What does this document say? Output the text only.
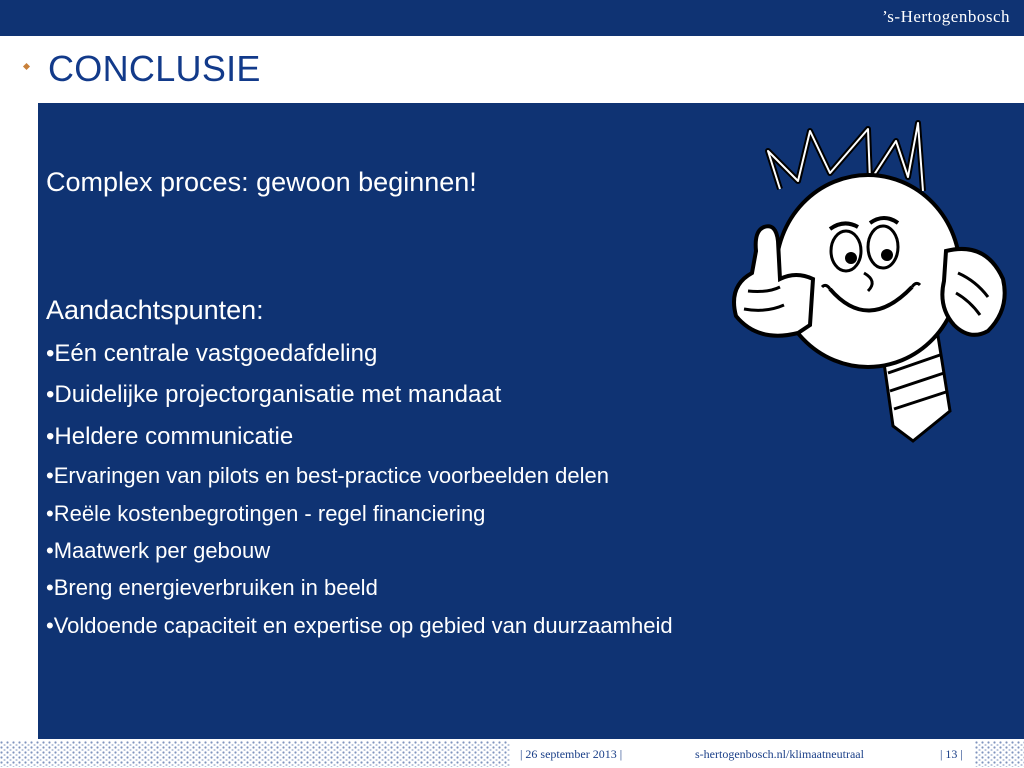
’s-Hertogenbosch
CONCLUSIE

Complex proces: gewoon beginnen!

Aandachtspunten:

•Eén centrale vastgoedafdeling

•Duidelijke projectorganisatie met mandaat

•Heldere communicatie

•Ervaringen van pilots en best-practice voorbeelden delen

•Reële kostenbegrotingen - regel financiering

•Maatwerk per gebouw

•Breng energieverbruiken in beeld

•Voldoende capaciteit en expertise op gebied van duurzaamheid

| 26 september 2013 |	s-hertogenbosch.nl/klimaatneutraal	| 13 |
